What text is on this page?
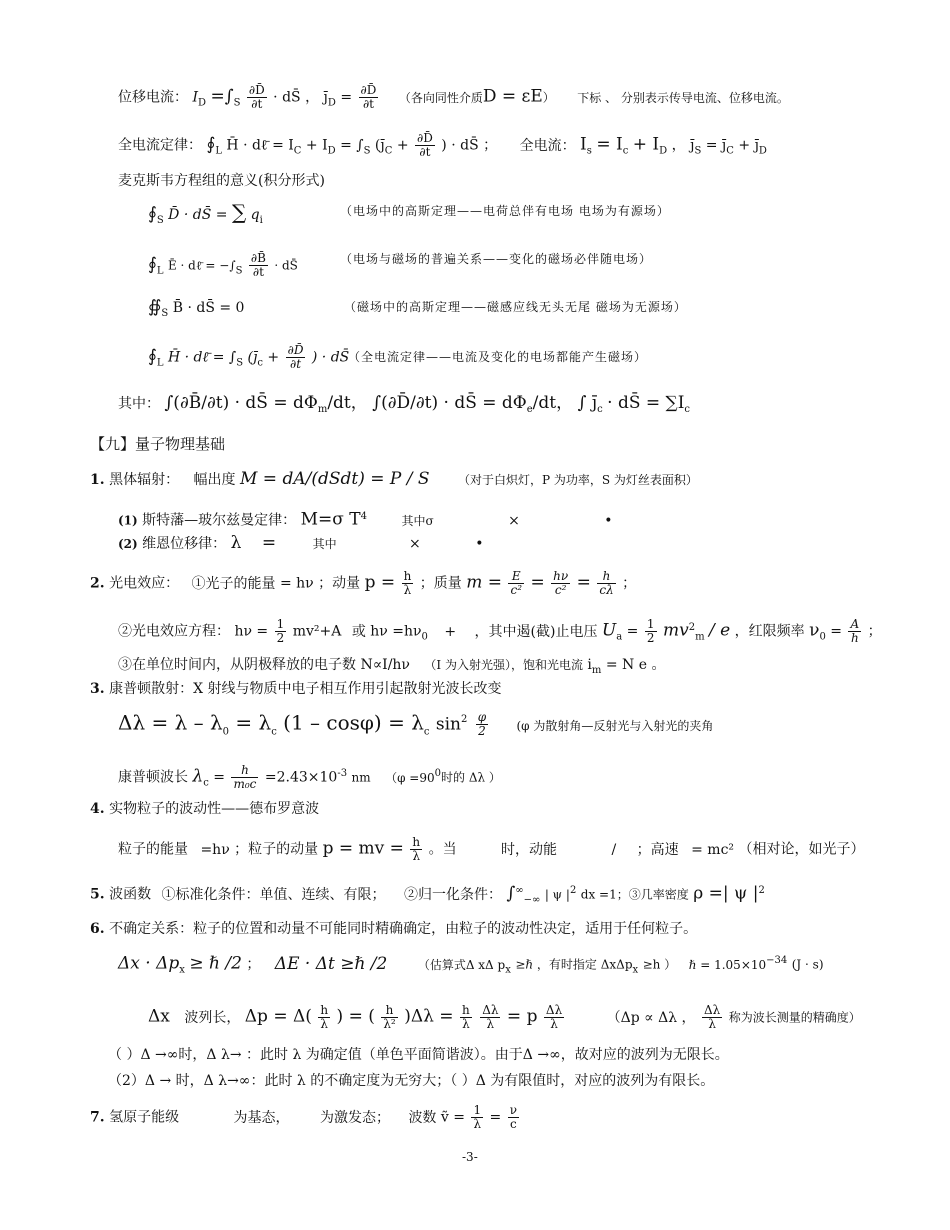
位移电流： $I_D =\int_S \frac{\partial D̄}{\partial t}$ · dS̄ ， $j̄_D = \frac{\partial D̄}{\partial t}$ （各向同性介质D = εE） 下标 、 分别表示传导电流、位移电流。
全电流定律： $∮_L$ H̄ · dℓ̄ = $I_C + I_D = \int_S$ ($j̄_C + \frac{\partial D̄}{\partial t}$ ) · dS̄ ； 全电流： $I_s = I_c + I_D$ ， $j̄_S$ = $j̄_C$ + $j̄_D$
麦克斯韦方程组的意义(积分形式)
$∮_S$ D̄ · dS̄ = ∑ $q_i$
（电场中的高斯定理——电荷总伴有电场 电场为有源场）
$∮_L$ Ē · dℓ̄ = $-\int_S \frac{\partial B̄}{\partial t}$ · dS̄	（电场与磁场的普遍关系——变化的磁场必伴随电场）
$∯_S$ B̄ · dS̄ = 0	（磁场中的高斯定理——磁感应线无头无尾 磁场为无源场）
$∮_L$ H̄ · dℓ̄ = $\int_S$ ($j̄_c + \frac{\partial D̄}{\partial t}$ ) · dS̄
（全电流定律——电流及变化的电场都能产生磁场）
其中： ∫(∂B̄/∂t) · dS̄ = $d\Phi_m/dt$， ∫(∂D̄/∂t) · dS̄ = $d\Phi_e/dt$， ∫ $j̄_c$ · dS̄ = $\sum I_c$
【九】量子物理基础
1. 黑体辐射： 幅出度 M = dA/(dSdt) = P / S （对于白炽灯，P 为功率，S 为灯丝表面积）
(1) 斯特藩—玻尔兹曼定律： M=σ $T^4$	其中σ	×	•
(2) 维恩位移律： λ =	其中	×	•
2. 光电效应： ①光子的能量 = hν ；动量 $p = \frac{h}{\lambda}$ ；质量 $m = \frac{E}{\text{c²}} = \frac{h\nu}{\text{c²}} = \frac{h}{c\lambda}$ ；
②光电效应方程： $h\nu = \frac{1}{2} mv^2+A$ 或 $h\nu =h\nu_0$ + ，其中遏(截)止电压 $U_a = \frac{1}{2} mv^2_m / e$ ，红限频率 $\nu_0 = \frac{A}{h}$ ；
③在单位时间内，从阴极释放的电子数 N∝I/hν （I 为入射光强），饱和光电流 $i_m = N$ e 。
3. 康普顿散射：X 射线与物质中电子相互作用引起散射光波长改变
$\Delta\lambda = \lambda - \lambda_0 = \lambda_c$ $(1 - \cos\varphi) = \lambda_c$ $\sin^2 \frac{\varphi}{2} (\varphi$ 为散射角—反射光与入射光的夹角
康普顿波长 $\lambda_c = \frac{h}{\text{m₀c}} =2.43\times 10^{-3}$ nm （$\varphi =90^0$时的 Δλ ）
4. 实物粒子的波动性——德布罗意波
粒子的能量 =hν ；粒子的动量 p = mv = $\frac{h}{\lambda}$ 。当	时，动能	/ ；高速 = mc² （相对论，如光子）
5. 波函数 ①标准化条件：单值、连续、有限； ②归一化条件： $\int^\infty_{-\infty}$ | ψ $|^2$ dx =1；③几率密度 ρ =| ψ $|^2$
6. 不确定关系：粒子的位置和动量不可能同时精确确定，由粒子的波动性决定，适用于任何粒子。
$\Delta x \cdot \Delta p_x$ ≥ ℏ /2 ； ΔE · Δt ≥ℏ /2	（估算式Δ xΔ $p_x$ ≥ℏ ，有时指定 ΔxΔp$_x$ ≥h ） ℏ = $1.05\times 10^{-34}$ (J · s)
Δx 波列长， $\Delta p = \Delta( \frac{h}{\lambda}$ ) = ( $\frac{h}{\text{λ²}} )\Delta\lambda = \frac{h}{\lambda}$
$\frac{\Delta\lambda}{\lambda} = p \frac{\Delta\lambda}{\lambda}$	（Δp ∝ Δλ ， $\frac{\Delta\lambda}{\lambda}$ 称为波长测量的精确度）
（ ）Δ →∞时，Δ λ→ ：此时 λ 为确定值（单色平面简谐波）。由于Δ →∞，故对应的波列为无限长。
（2）Δ → 时，Δ λ→∞：此时 λ 的不确定度为无穷大；（ ）Δ 为有限值时，对应的波列为有限长。
7. 氢原子能级	为基态， 为激发态； 波数 ṽ = $\frac{1}{\lambda} = \frac{\nu}{c}$
-3-
